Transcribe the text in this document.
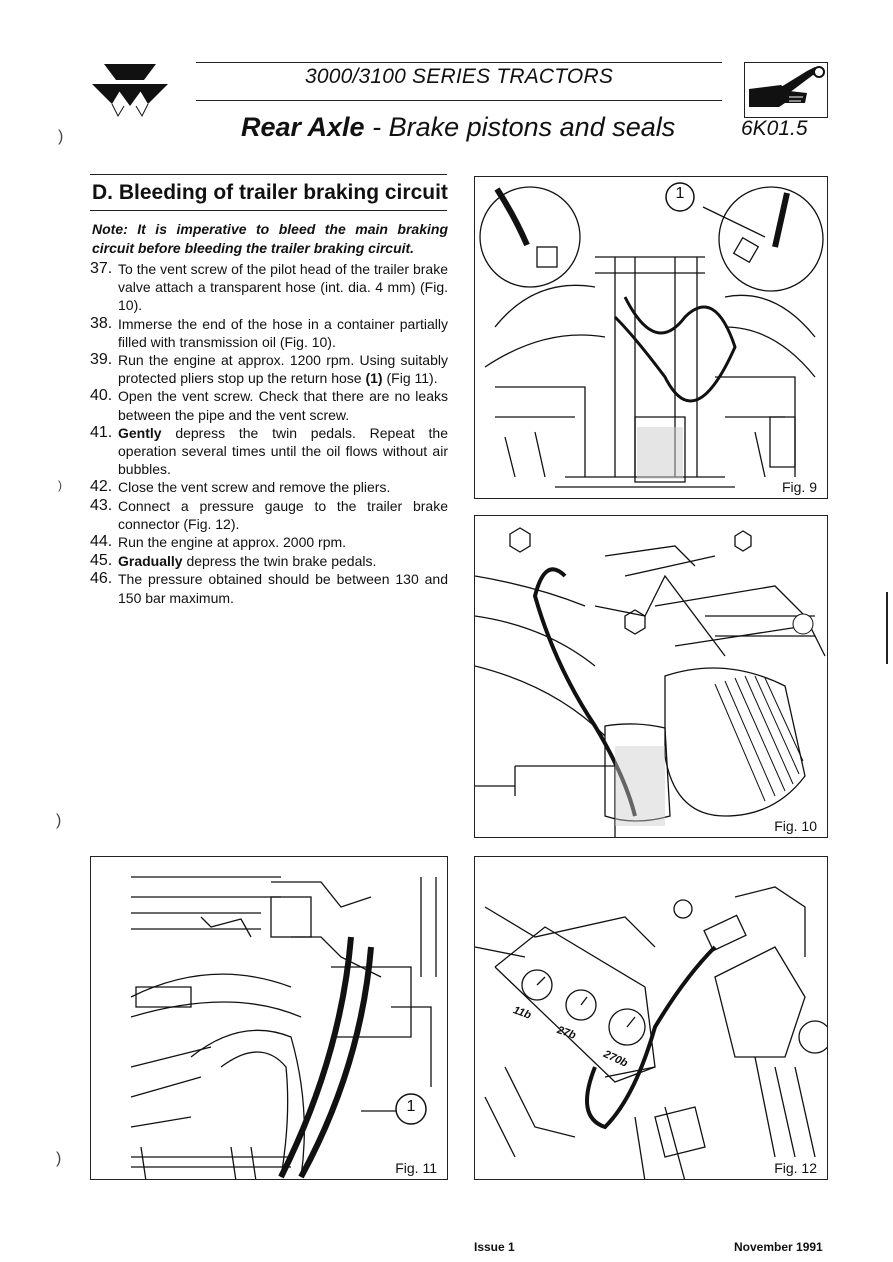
3000/3100 SERIES TRACTORS
Rear Axle - Brake pistons and seals	6K01.5
D. Bleeding of trailer braking circuit
Note: It is imperative to bleed the main braking circuit before bleeding the trailer braking circuit.
37. To the vent screw of the pilot head of the trailer brake valve attach a transparent hose (int. dia. 4 mm) (Fig. 10).
38. Immerse the end of the hose in a container partially filled with transmission oil (Fig. 10).
39. Run the engine at approx. 1200 rpm. Using suitably protected pliers stop up the return hose (1) (Fig 11).
40. Open the vent screw. Check that there are no leaks between the pipe and the vent screw.
41. Gently depress the twin pedals. Repeat the operation several times until the oil flows without air bubbles.
42. Close the vent screw and remove the pliers.
43. Connect a pressure gauge to the trailer brake connector (Fig. 12).
44. Run the engine at approx. 2000 rpm.
45. Gradually depress the twin brake pedals.
46. The pressure obtained should be between 130 and 150 bar maximum.
1
Fig. 9
Fig. 10
1
Fig. 11
11b
27b
270b
Fig. 12
Issue 1	November 1991
)
)
)
)
